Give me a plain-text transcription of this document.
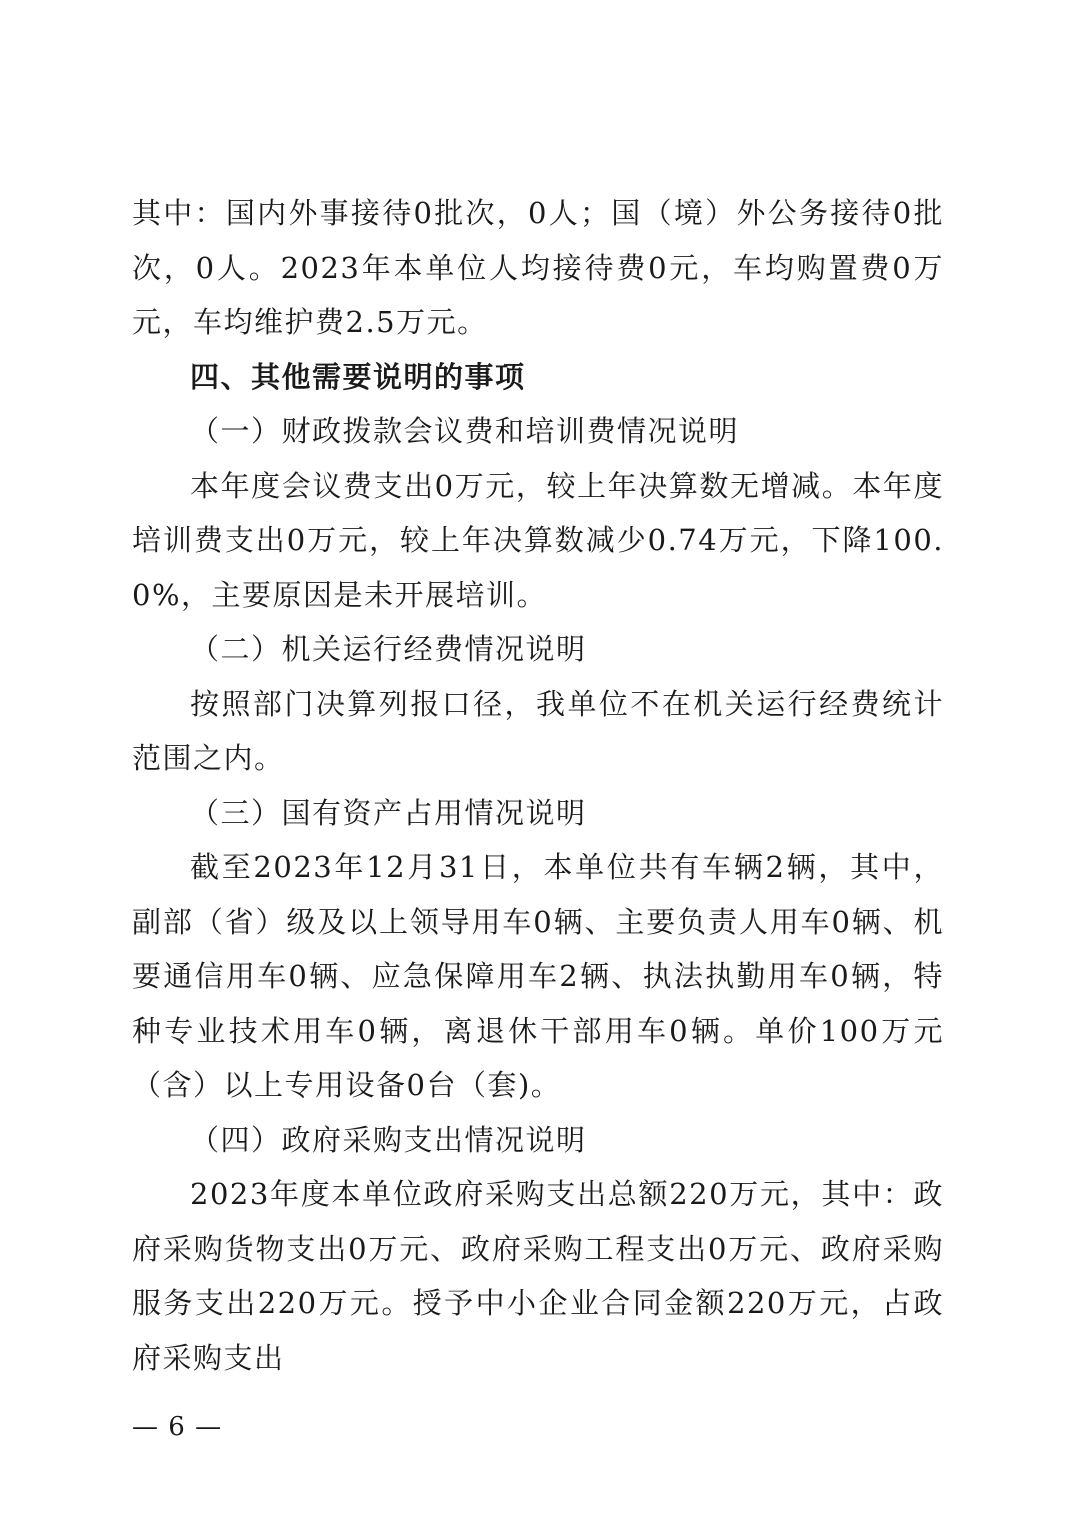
其中：国内外事接待0批次，0人；国（境）外公务接待0批次，0人。2023年本单位人均接待费0元，车均购置费0万元，车均维护费2.5万元。

四、其他需要说明的事项

（一）财政拨款会议费和培训费情况说明

本年度会议费支出0万元，较上年决算数无增减。本年度培训费支出0万元，较上年决算数减少0.74万元，下降100.0%，主要原因是未开展培训。

（二）机关运行经费情况说明

按照部门决算列报口径，我单位不在机关运行经费统计范围之内。

（三）国有资产占用情况说明

截至2023年12月31日，本单位共有车辆2辆，其中，副部（省）级及以上领导用车0辆、主要负责人用车0辆、机要通信用车0辆、应急保障用车2辆、执法执勤用车0辆，特种专业技术用车0辆，离退休干部用车0辆。单价100万元（含）以上专用设备0台（套)。

（四）政府采购支出情况说明

2023年度本单位政府采购支出总额220万元，其中：政府采购货物支出0万元、政府采购工程支出0万元、政府采购服务支出220万元。授予中小企业合同金额220万元，占政府采购支出

— 6 —
